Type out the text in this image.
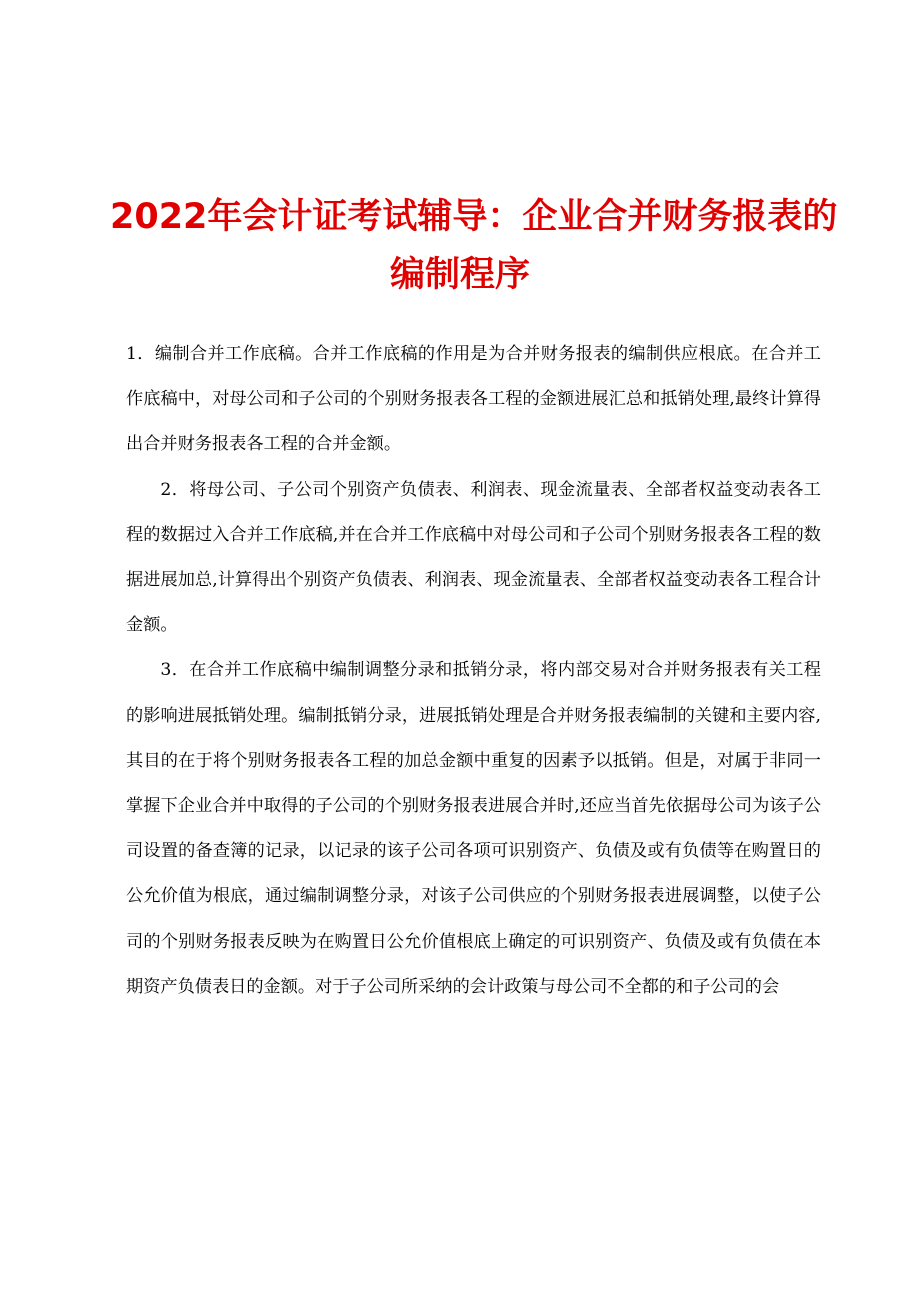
2022年会计证考试辅导：企业合并财务报表的
编制程序

1．编制合并工作底稿。合并工作底稿的作用是为合并财务报表的编制供应根底。在合并工作底稿中，对母公司和子公司的个别财务报表各工程的金额进展汇总和抵销处理,最终计算得出合并财务报表各工程的合并金额。

2．将母公司、子公司个别资产负债表、利润表、现金流量表、全部者权益变动表各工程的数据过入合并工作底稿,并在合并工作底稿中对母公司和子公司个别财务报表各工程的数据进展加总,计算得出个别资产负债表、利润表、现金流量表、全部者权益变动表各工程合计金额。

3．在合并工作底稿中编制调整分录和抵销分录，将内部交易对合并财务报表有关工程的影响进展抵销处理。编制抵销分录，进展抵销处理是合并财务报表编制的关键和主要内容,其目的在于将个别财务报表各工程的加总金额中重复的因素予以抵销。但是，对属于非同一掌握下企业合并中取得的子公司的个别财务报表进展合并时,还应当首先依据母公司为该子公司设置的备查簿的记录，以记录的该子公司各项可识别资产、负债及或有负债等在购置日的公允价值为根底，通过编制调整分录，对该子公司供应的个别财务报表进展调整，以使子公司的个别财务报表反映为在购置日公允价值根底上确定的可识别资产、负债及或有负债在本期资产负债表日的金额。对于子公司所采纳的会计政策与母公司不全都的和子公司的会
